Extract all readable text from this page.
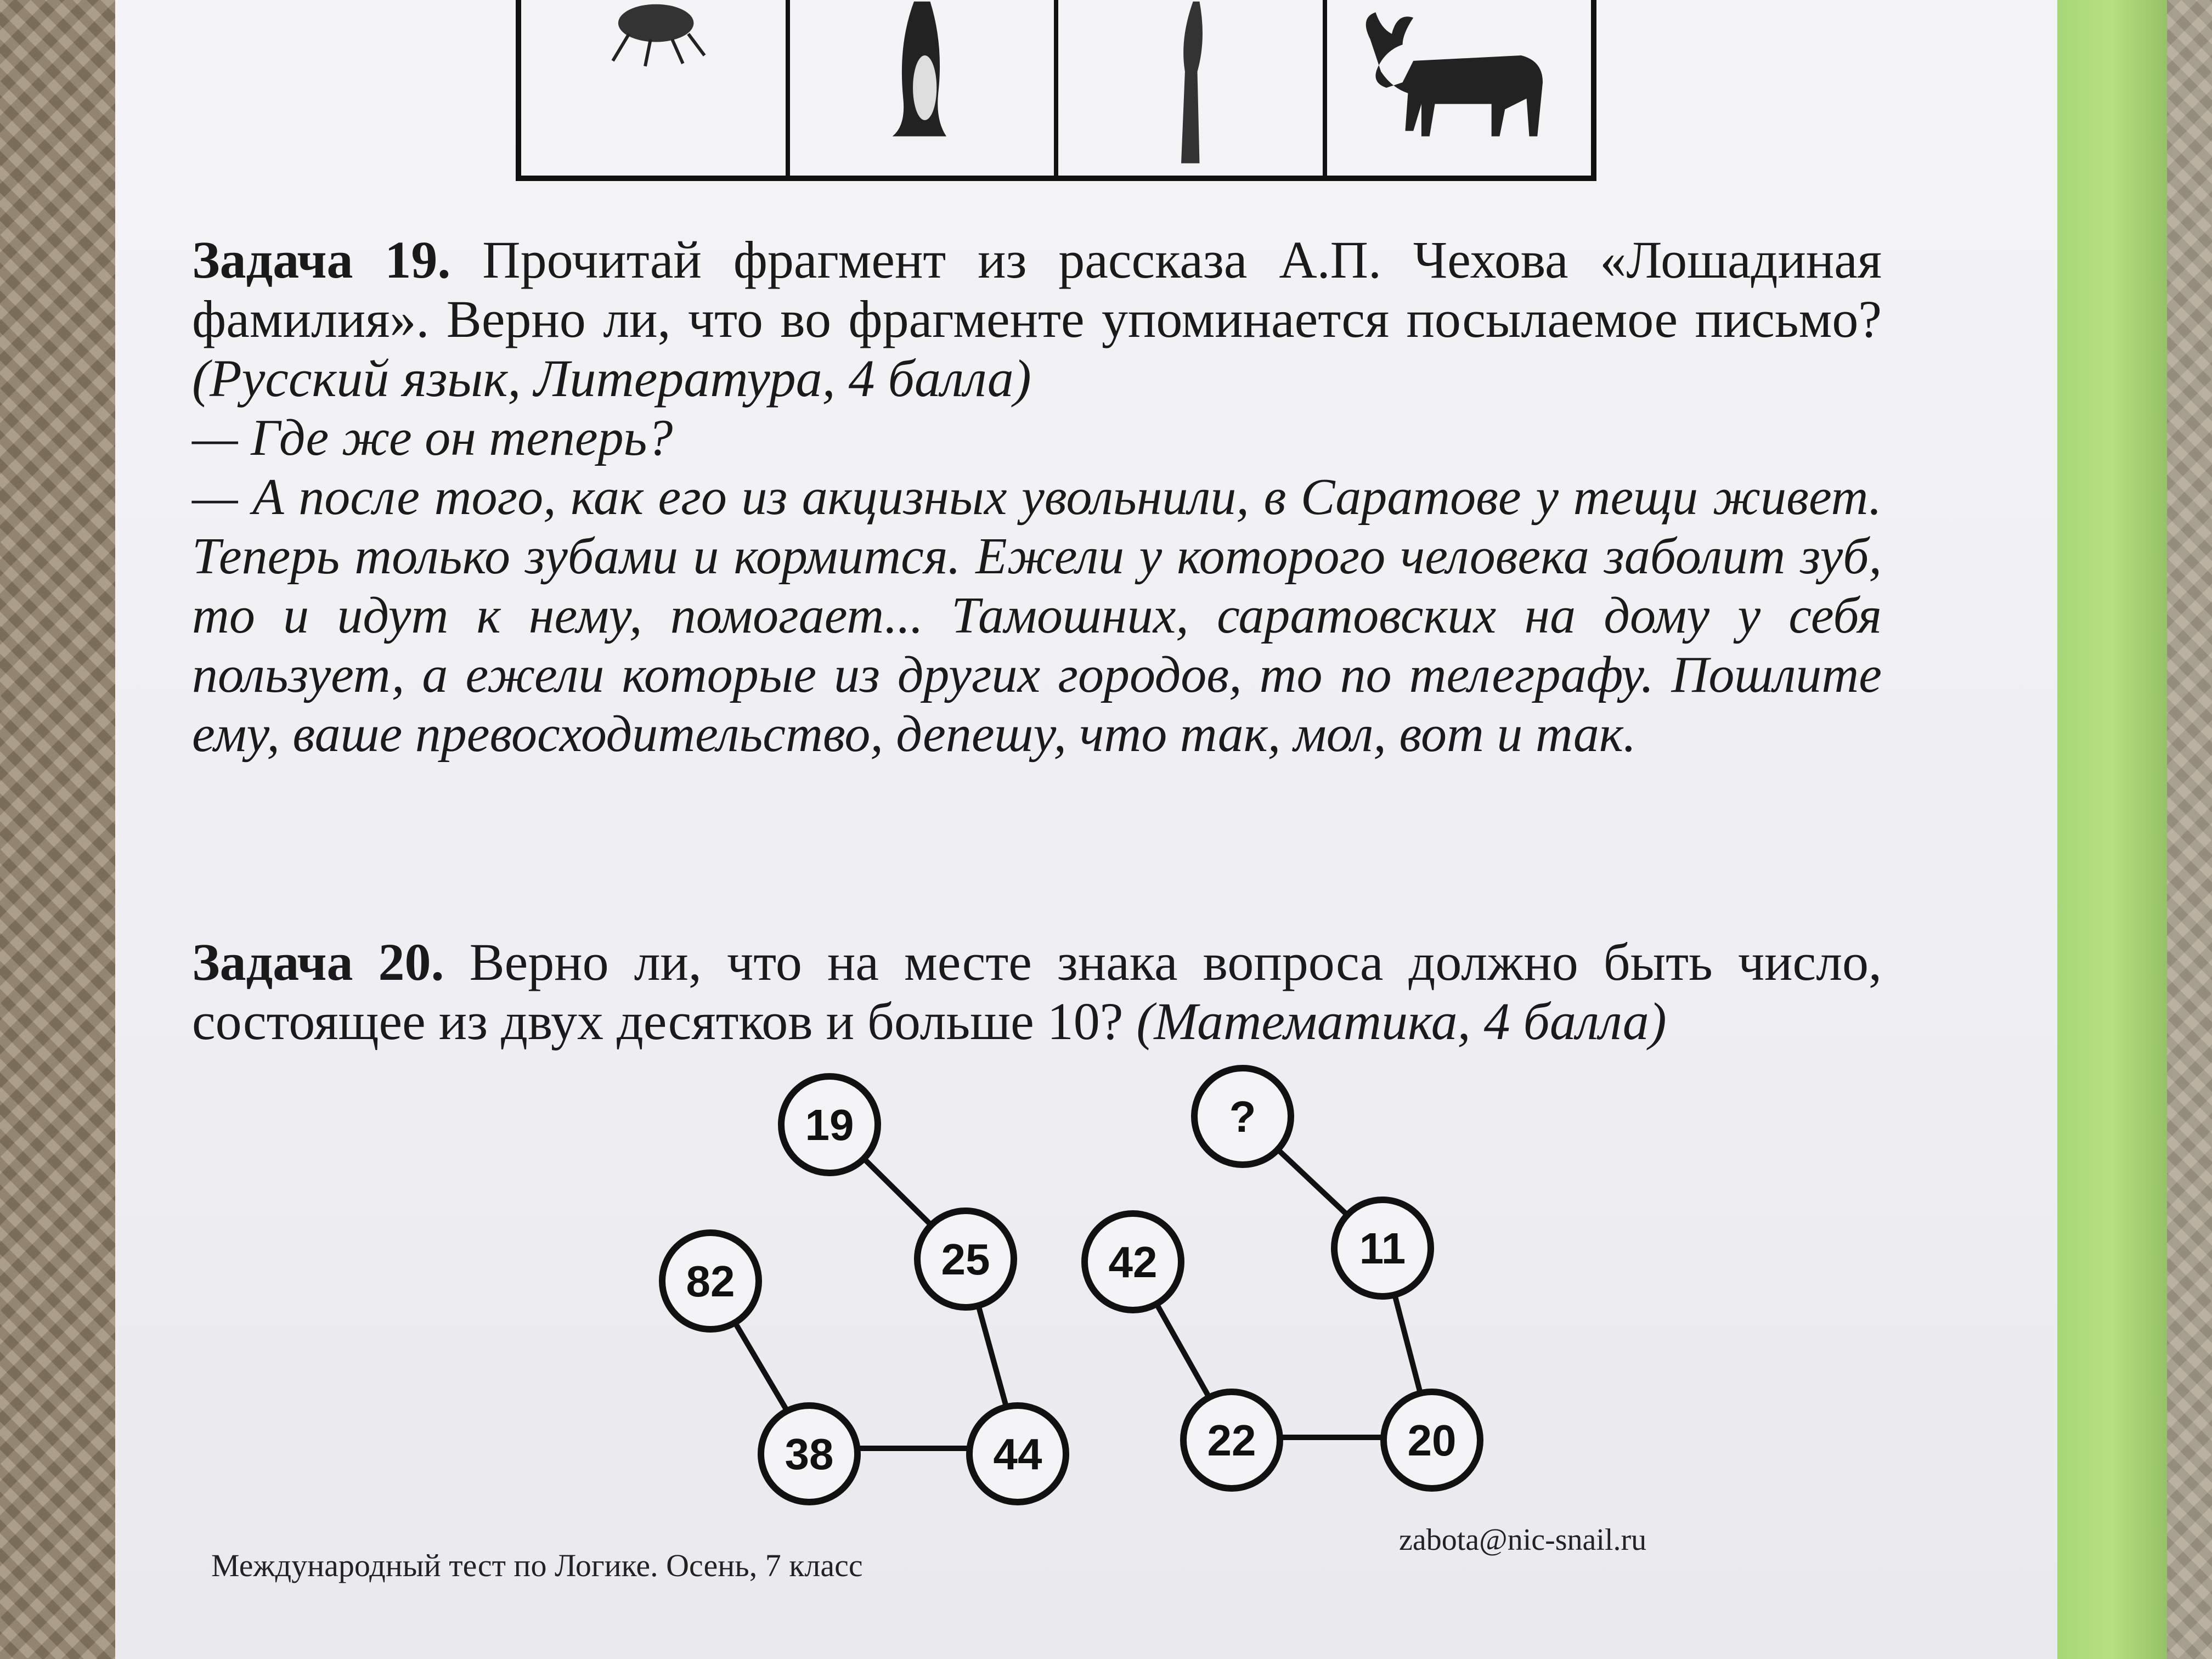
Задача 19. Прочитай фрагмент из рассказа А.П. Чехова «Лошадиная фамилия». Верно ли, что во фрагменте упоминается посылаемое письмо? (Русский язык, Литература, 4 балла)

— Где же он теперь?

— А после того, как его из акцизных увольнили, в Саратове у тещи живет. Теперь только зубами и кормится. Ежели у которого человека заболит зуб, то и идут к нему, помогает... Тамошних, саратовских на дому у себя пользует, а ежели которые из других городов, то по телеграфу. Пошлите ему, ваше превосходительство, депешу, что так, мол, вот и так.

Задача 20. Верно ли, что на месте знака вопроса должно быть число, состоящее из двух десятков и больше 10? (Математика, 4 балла)

19
25
44
38
82
?
11
20
22
42
Международный тест по Логике. Осень, 7 класс
zabota@nic-snail.ru
